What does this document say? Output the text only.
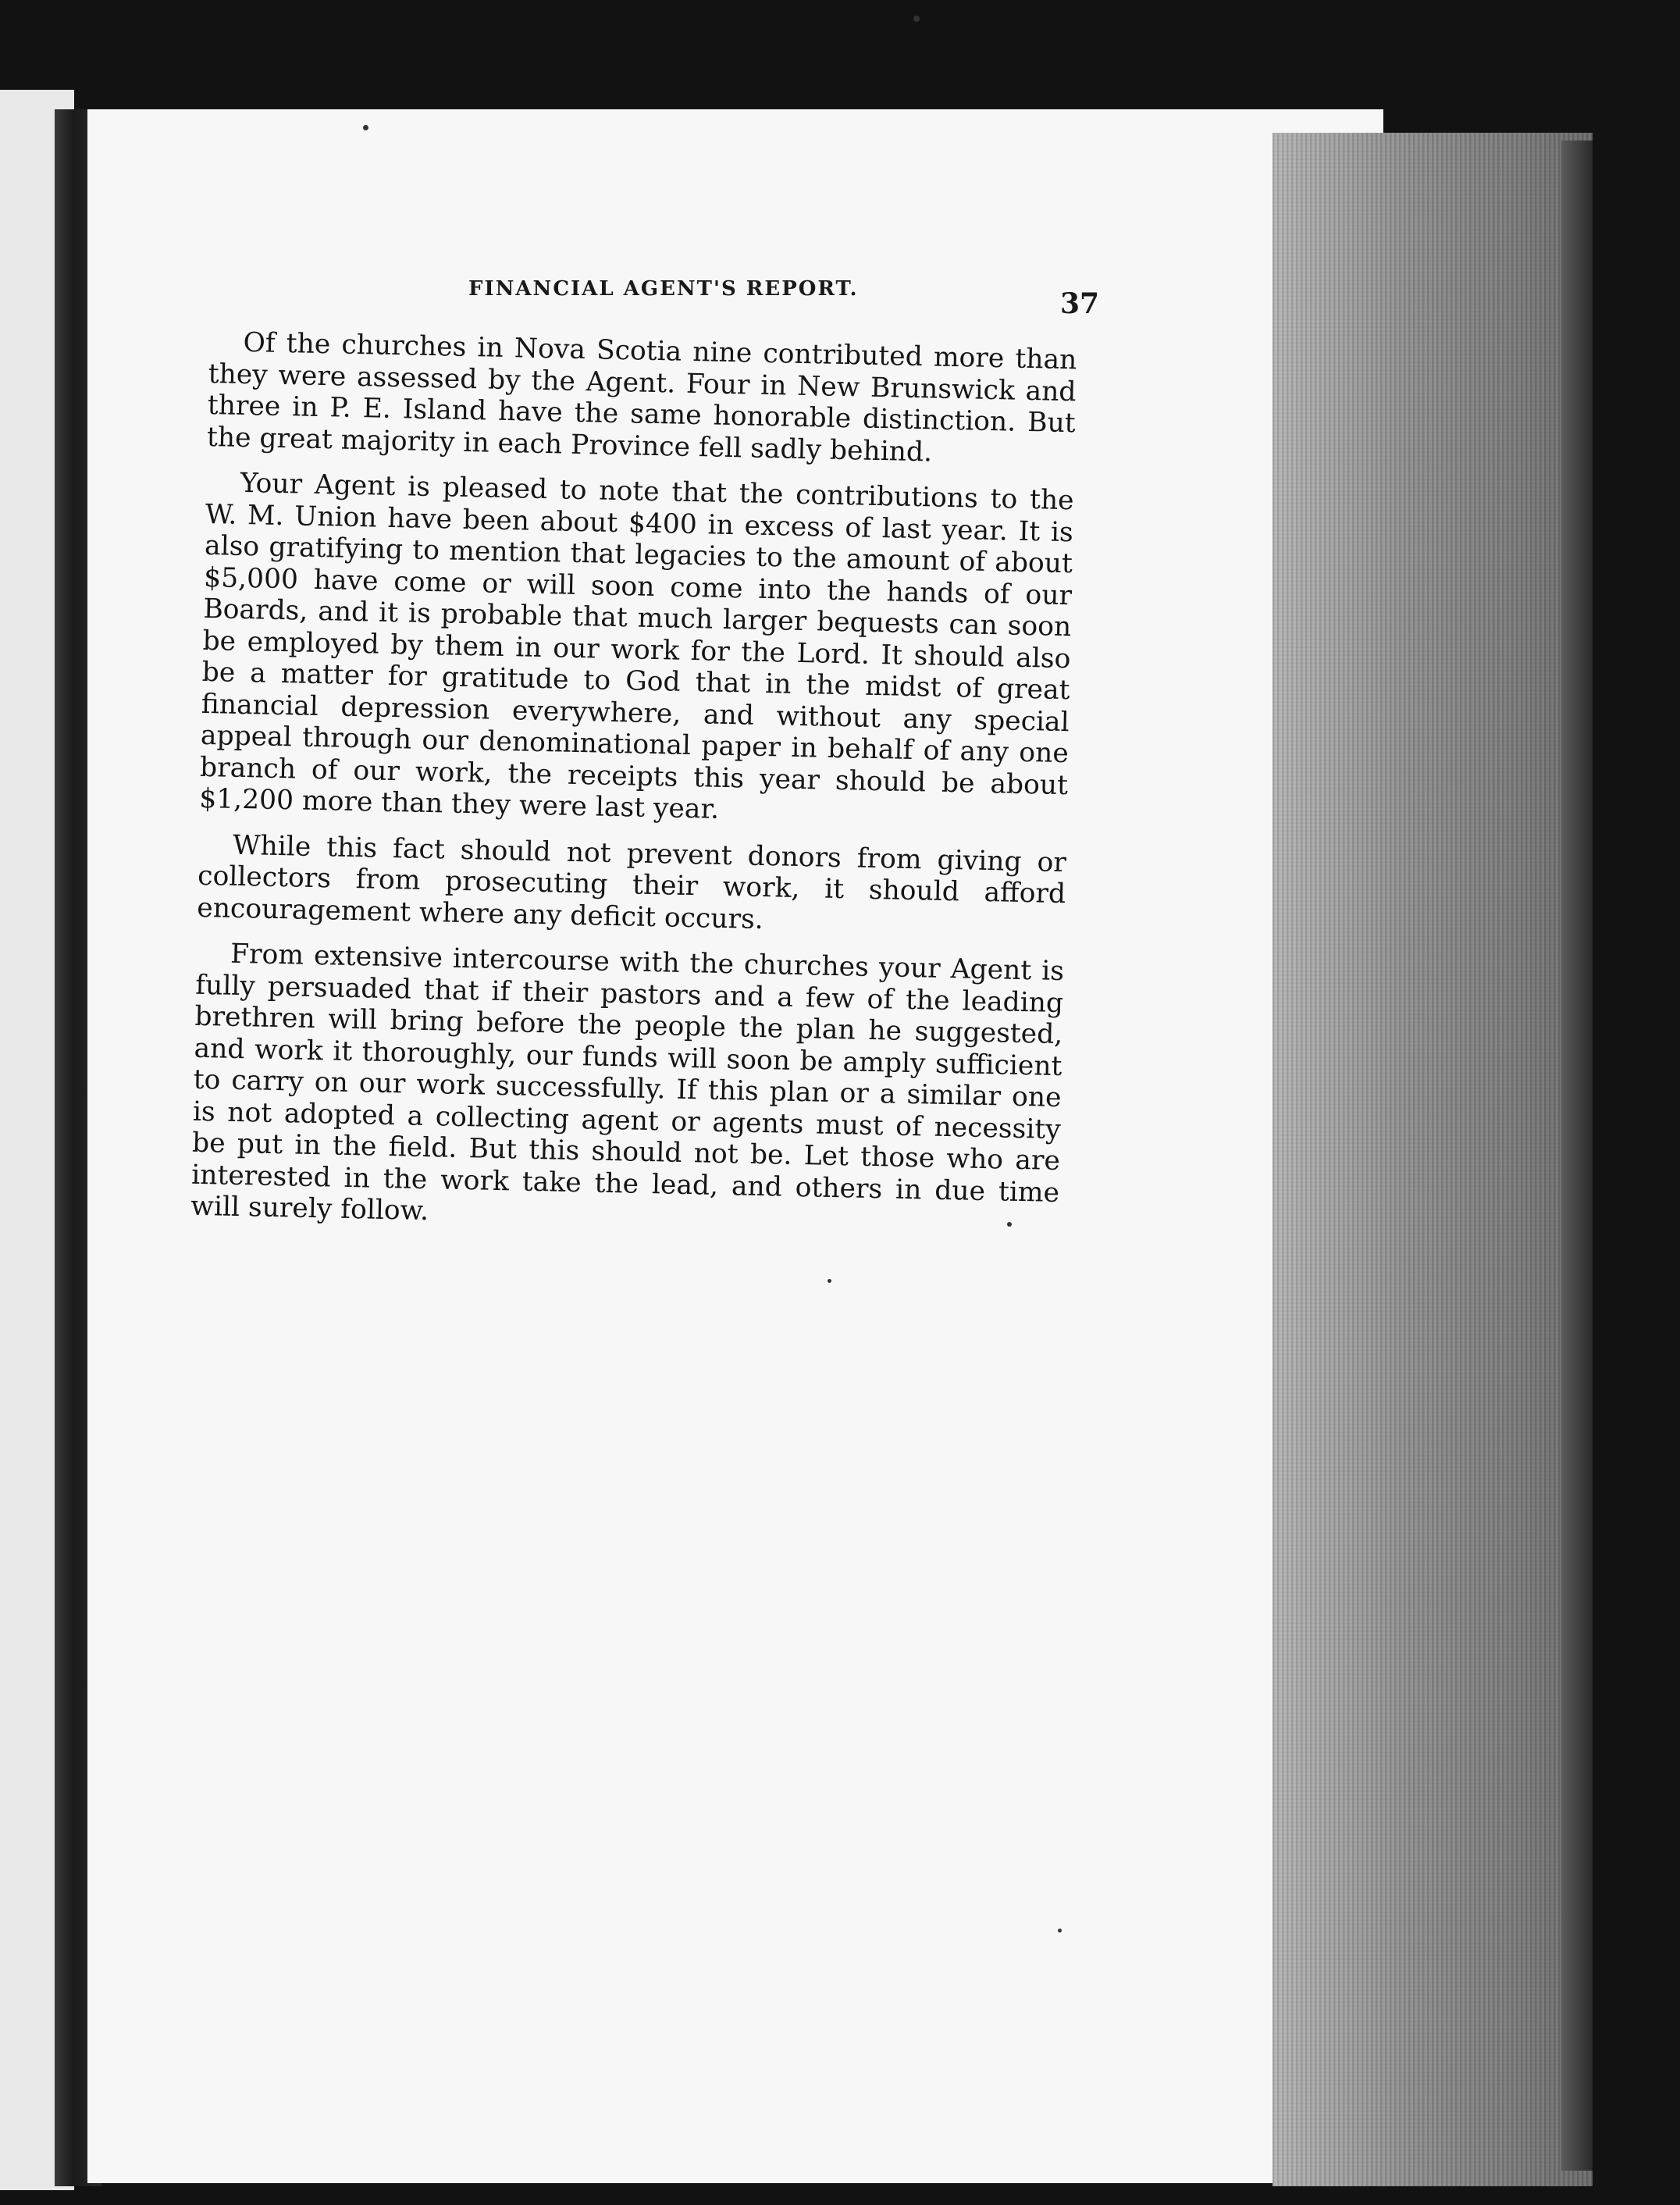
FINANCIAL AGENT'S REPORT.	37

Of the churches in Nova Scotia nine contributed more than they were assessed by the Agent. Four in New Brunswick and three in P. E. Island have the same honorable distinction. But the great majority in each Province fell sadly behind.

Your Agent is pleased to note that the contributions to the W. M. Union have been about $400 in excess of last year. It is also gratifying to mention that legacies to the amount of about $5,000 have come or will soon come into the hands of our Boards, and it is probable that much larger bequests can soon be employed by them in our work for the Lord. It should also be a matter for gratitude to God that in the midst of great financial depression everywhere, and without any special appeal through our denominational paper in behalf of any one branch of our work, the receipts this year should be about $1,200 more than they were last year.

While this fact should not prevent donors from giving or collectors from prosecuting their work, it should afford encouragement where any deficit occurs.

From extensive intercourse with the churches your Agent is fully persuaded that if their pastors and a few of the leading brethren will bring before the people the plan he suggested, and work it thoroughly, our funds will soon be amply sufficient to carry on our work successfully. If this plan or a similar one is not adopted a collecting agent or agents must of necessity be put in the field. But this should not be. Let those who are interested in the work take the lead, and others in due time will surely follow.
